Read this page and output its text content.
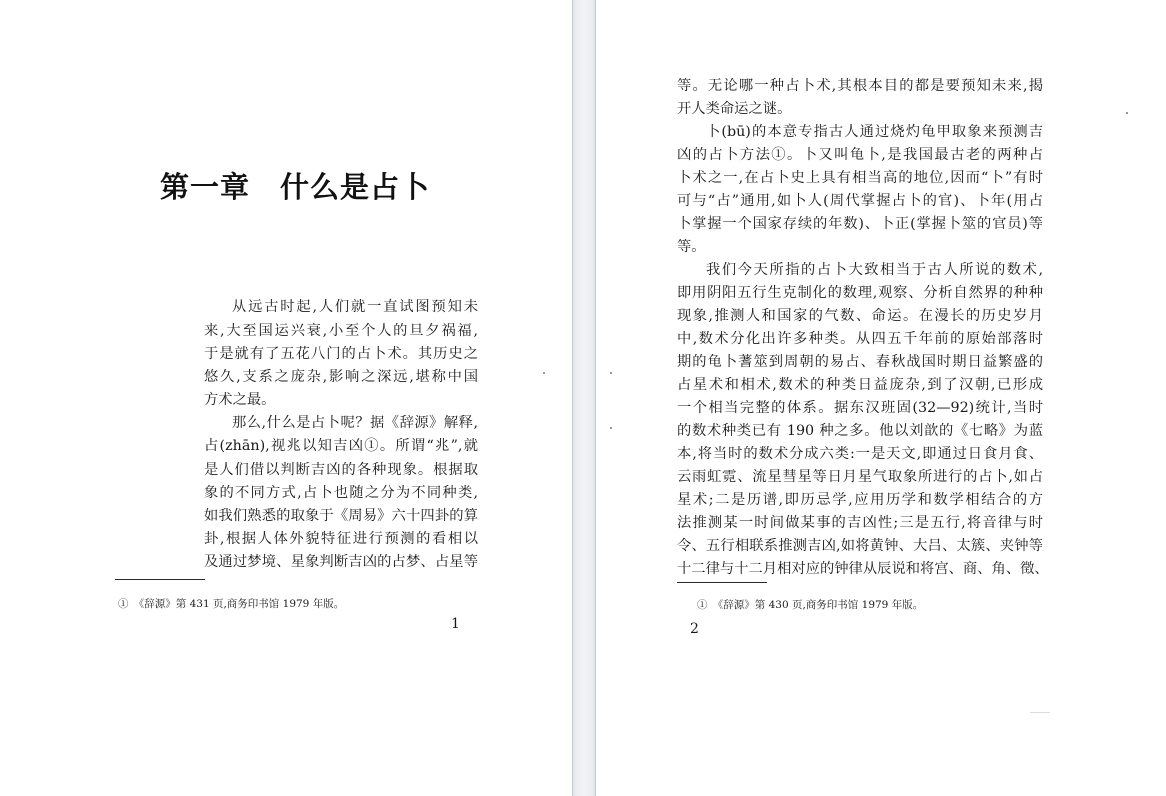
第一章　什么是占卜

从远古时起,人们就一直试图预知未

来,大至国运兴衰,小至个人的旦夕祸福,

于是就有了五花八门的占卜术。其历史之

悠久,支系之庞杂,影响之深远,堪称中国

方术之最。

那么,什么是占卜呢？据《辞源》解释,

占(zhān),视兆以知吉凶①。所谓“兆”,就

是人们借以判断吉凶的各种现象。根据取

象的不同方式,占卜也随之分为不同种类,

如我们熟悉的取象于《周易》六十四卦的算

卦,根据人体外貌特征进行预测的看相以

及通过梦境、星象判断吉凶的占梦、占星等

①　《辞源》第 431 页,商务印书馆 1979 年版。

1

等。无论哪一种占卜术,其根本目的都是要预知未来,揭

开人类命运之谜。

卜(bū)的本意专指古人通过烧灼龟甲取象来预测吉

凶的占卜方法①。卜又叫龟卜,是我国最古老的两种占

卜术之一,在占卜史上具有相当高的地位,因而“卜”有时

可与“占”通用,如卜人(周代掌握占卜的官)、卜年(用占

卜掌握一个国家存续的年数)、卜正(掌握卜筮的官员)等

等。

我们今天所指的占卜大致相当于古人所说的数术,

即用阴阳五行生克制化的数理,观察、分析自然界的种种

现象,推测人和国家的气数、命运。在漫长的历史岁月

中,数术分化出许多种类。从四五千年前的原始部落时

期的龟卜蓍筮到周朝的易占、春秋战国时期日益繁盛的

占星术和相术,数术的种类日益庞杂,到了汉朝,已形成

一个相当完整的体系。据东汉班固(32—92)统计,当时

的数术种类已有 190 种之多。他以刘歆的《七略》为蓝

本,将当时的数术分成六类:一是天文,即通过日食月食、

云雨虹霓、流星彗星等日月星气取象所进行的占卜,如占

星术;二是历谱,即历忌学,应用历学和数学相结合的方

法推测某一时间做某事的吉凶性;三是五行,将音律与时

令、五行相联系推测吉凶,如将黄钟、大吕、太簇、夹钟等

十二律与十二月相对应的钟律从辰说和将宫、商、角、徵、

①　《辞源》第 430 页,商务印书馆 1979 年版。

2
